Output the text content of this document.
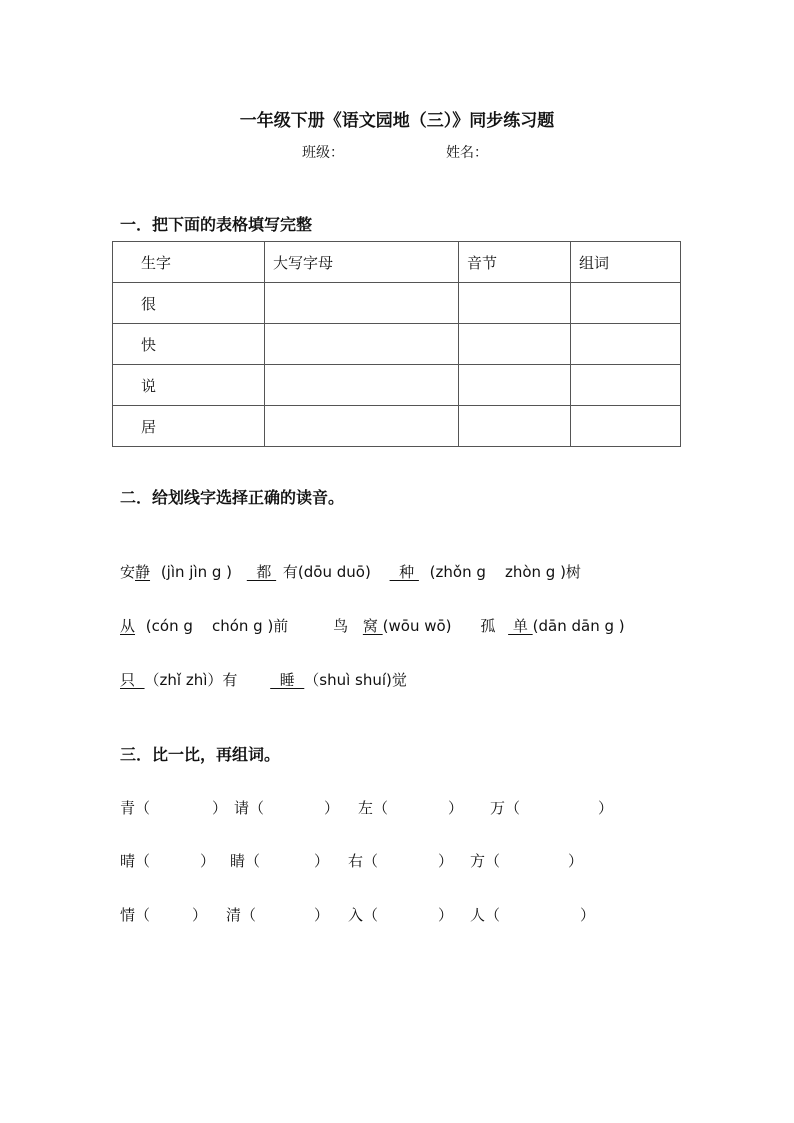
一年级下册《语文园地（三）》同步练习题
班级：	姓名：
一．把下面的表格填写完整
生字	大写字母	音节	组词
很			
快			
说			
居			
二．给划线字选择正确的读音。
安静 (jìn jìn g )   都  有(dōu duō)   种  (zhǒn g    zhòn g )树
从 (cón g    chón g )前	鸟 窝 (wōu wō) 孤  单 (dān dān g )
只  （zhǐ zhì）有   睡  （shuì shuí)觉
三．比一比，再组词。
青（	） 请（	） 左（	） 万（	）
晴（	） 睛（	） 右（	） 方（	）
情（	） 清（	） 入（	） 人（	）
